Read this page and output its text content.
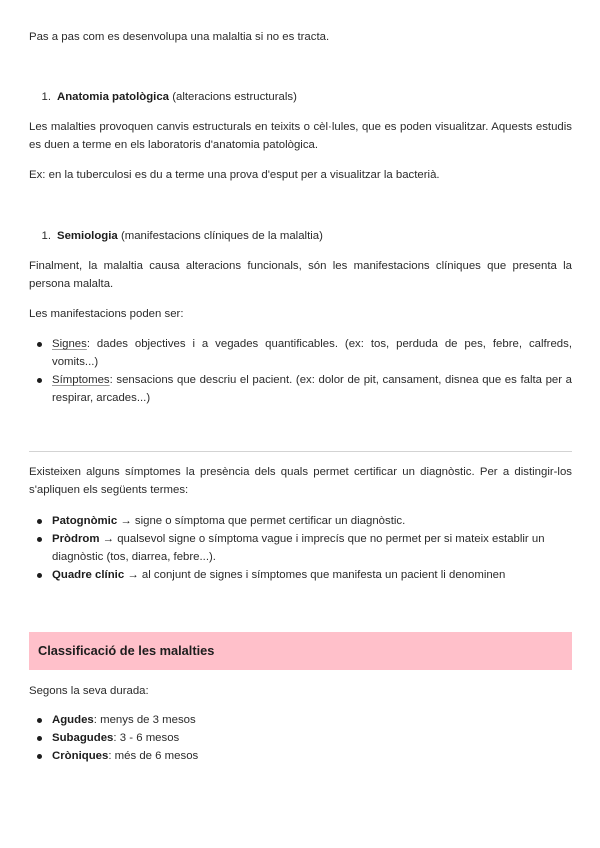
Pas a pas com es desenvolupa una malaltia si no es tracta.

1. Anatomia patològica (alteracions estructurals)

Les malalties provoquen canvis estructurals en teixits o cèl·lules, que es poden visualitzar. Aquests estudis es duen a terme en els laboratoris d'anatomia patològica.

Ex: en la tuberculosi es du a terme una prova d'esput per a visualitzar la bacterià.

1. Semiologia (manifestacions clíniques de la malaltia)

Finalment, la malaltia causa alteracions funcionals, són les manifestacions clíniques que presenta la persona malalta.

Les manifestacions poden ser:

Signes: dades objectives i a vegades quantificables. (ex: tos, perduda de pes, febre, calfreds, vomits...)
Símptomes: sensacions que descriu el pacient. (ex: dolor de pit, cansament, disnea que es falta per a respirar, arcades...)

Existeixen alguns símptomes la presència dels quals permet certificar un diagnòstic. Per a distingir-los s'apliquen els següents termes:

Patognòmic → signe o símptoma que permet certificar un diagnòstic.
Pròdrom → qualsevol signe o símptoma vague i imprecís que no permet per si mateix establir un diagnòstic (tos, diarrea, febre...).
Quadre clínic → al conjunt de signes i símptomes que manifesta un pacient li denominen
Classificació de les malalties

Segons la seva durada:

Agudes: menys de 3 mesos
Subagudes: 3 - 6 mesos
Cròniques: més de 6 mesos
